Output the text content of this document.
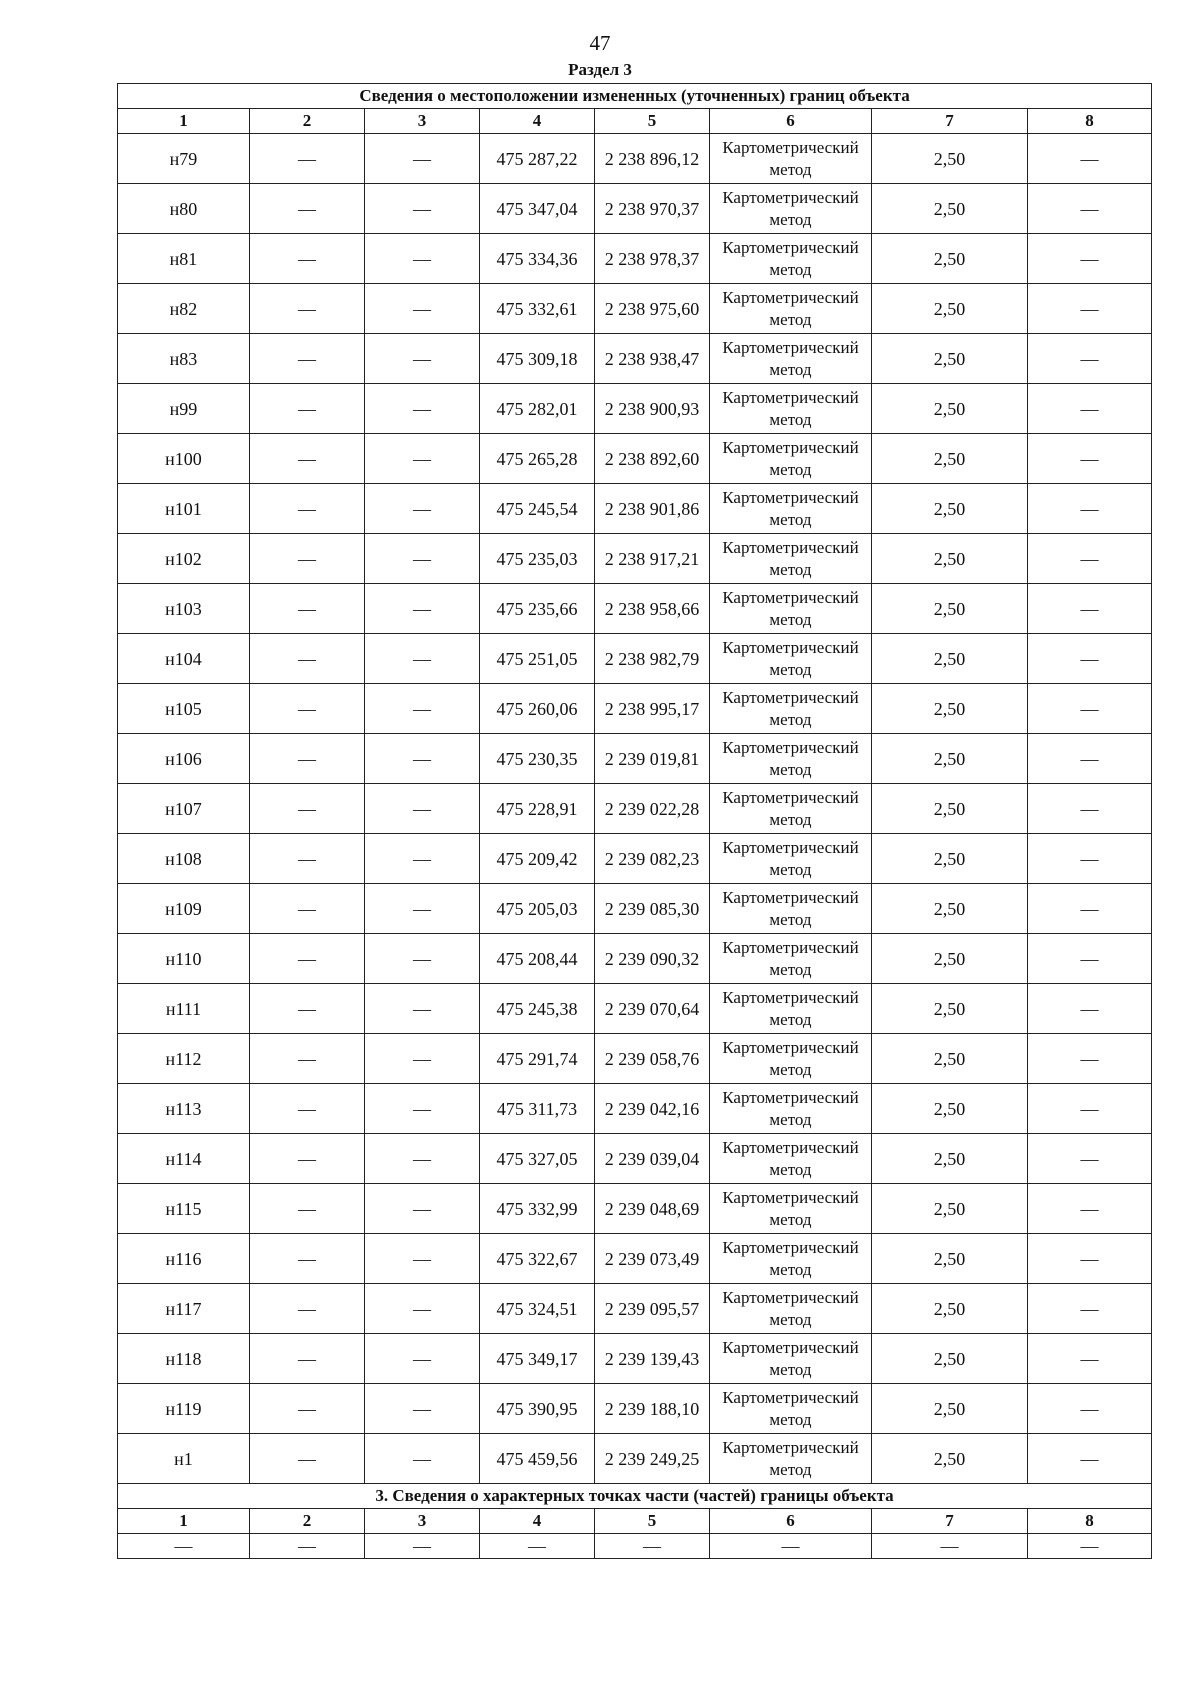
47
Раздел 3
Сведения о местоположении измененных (уточненных) границ объекта							
1	2	3	4	5	6	7	8
н79	—	—	475 287,22	2 238 896,12	Картометрический метод	2,50	—
н80	—	—	475 347,04	2 238 970,37	Картометрический метод	2,50	—
н81	—	—	475 334,36	2 238 978,37	Картометрический метод	2,50	—
н82	—	—	475 332,61	2 238 975,60	Картометрический метод	2,50	—
н83	—	—	475 309,18	2 238 938,47	Картометрический метод	2,50	—
н99	—	—	475 282,01	2 238 900,93	Картометрический метод	2,50	—
н100	—	—	475 265,28	2 238 892,60	Картометрический метод	2,50	—
н101	—	—	475 245,54	2 238 901,86	Картометрический метод	2,50	—
н102	—	—	475 235,03	2 238 917,21	Картометрический метод	2,50	—
н103	—	—	475 235,66	2 238 958,66	Картометрический метод	2,50	—
н104	—	—	475 251,05	2 238 982,79	Картометрический метод	2,50	—
н105	—	—	475 260,06	2 238 995,17	Картометрический метод	2,50	—
н106	—	—	475 230,35	2 239 019,81	Картометрический метод	2,50	—
н107	—	—	475 228,91	2 239 022,28	Картометрический метод	2,50	—
н108	—	—	475 209,42	2 239 082,23	Картометрический метод	2,50	—
н109	—	—	475 205,03	2 239 085,30	Картометрический метод	2,50	—
н110	—	—	475 208,44	2 239 090,32	Картометрический метод	2,50	—
н111	—	—	475 245,38	2 239 070,64	Картометрический метод	2,50	—
н112	—	—	475 291,74	2 239 058,76	Картометрический метод	2,50	—
н113	—	—	475 311,73	2 239 042,16	Картометрический метод	2,50	—
н114	—	—	475 327,05	2 239 039,04	Картометрический метод	2,50	—
н115	—	—	475 332,99	2 239 048,69	Картометрический метод	2,50	—
н116	—	—	475 322,67	2 239 073,49	Картометрический метод	2,50	—
н117	—	—	475 324,51	2 239 095,57	Картометрический метод	2,50	—
н118	—	—	475 349,17	2 239 139,43	Картометрический метод	2,50	—
н119	—	—	475 390,95	2 239 188,10	Картометрический метод	2,50	—
н1	—	—	475 459,56	2 239 249,25	Картометрический метод	2,50	—
3. Сведения о характерных точках части (частей) границы объекта							
1	2	3	4	5	6	7	8
—	—	—	—	—	—	—	—
